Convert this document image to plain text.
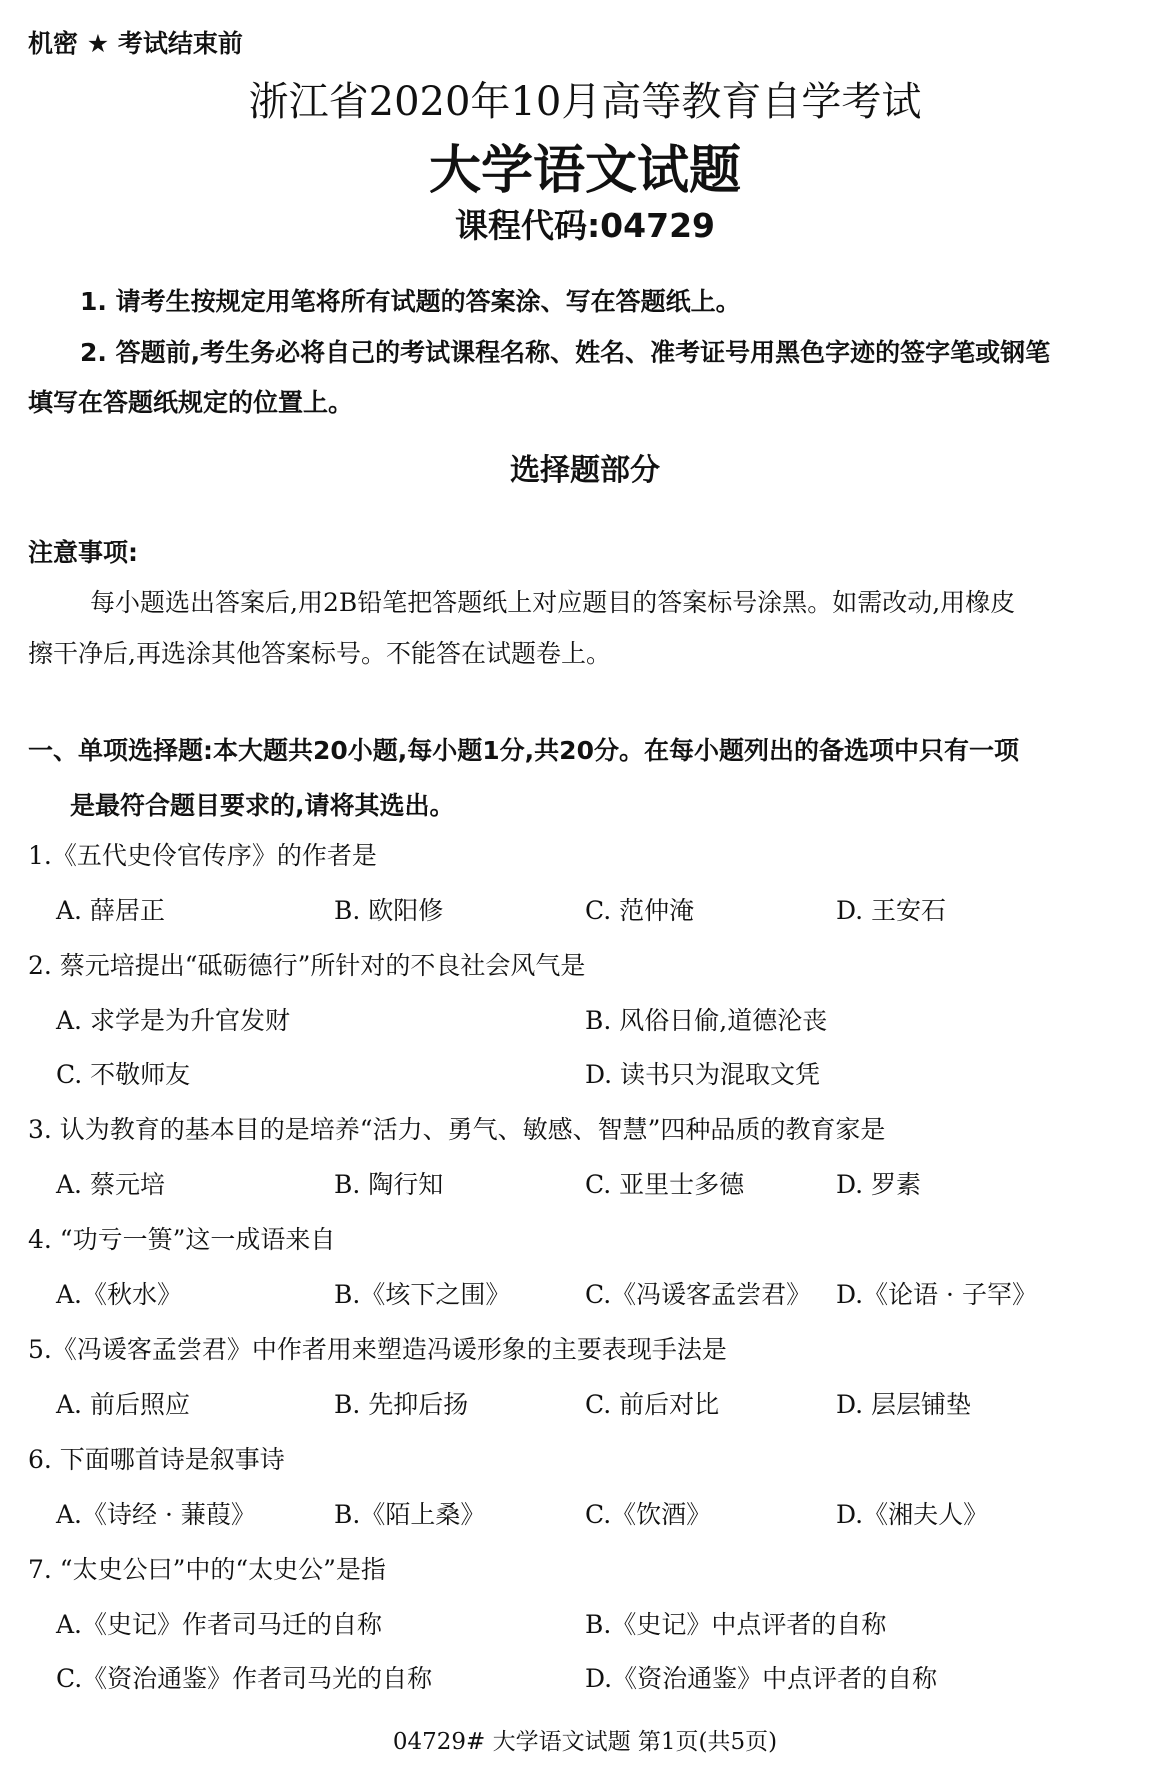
机密 ★ 考试结束前
浙江省2020年10月高等教育自学考试
大学语文试题
课程代码:04729
1. 请考生按规定用笔将所有试题的答案涂、写在答题纸上。
2. 答题前,考生务必将自己的考试课程名称、姓名、准考证号用黑色字迹的签字笔或钢笔
填写在答题纸规定的位置上。
选择题部分
注意事项:
每小题选出答案后,用2B铅笔把答题纸上对应题目的答案标号涂黑。如需改动,用橡皮
擦干净后,再选涂其他答案标号。不能答在试题卷上。
一、单项选择题:本大题共20小题,每小题1分,共20分。在每小题列出的备选项中只有一项
是最符合题目要求的,请将其选出。
1.《五代史伶官传序》的作者是
A. 薛居正	B. 欧阳修	C. 范仲淹	D. 王安石
2. 蔡元培提出“砥砺德行”所针对的不良社会风气是
A. 求学是为升官发财	B. 风俗日偷,道德沦丧
C. 不敬师友	D. 读书只为混取文凭
3. 认为教育的基本目的是培养“活力、勇气、敏感、智慧”四种品质的教育家是
A. 蔡元培	B. 陶行知	C. 亚里士多德	D. 罗素
4. “功亏一篑”这一成语来自
A.《秋水》	B.《垓下之围》	C.《冯谖客孟尝君》 D.《论语 · 子罕》
5.《冯谖客孟尝君》中作者用来塑造冯谖形象的主要表现手法是
A. 前后照应	B. 先抑后扬	C. 前后对比	D. 层层铺垫
6. 下面哪首诗是叙事诗
A.《诗经 · 蒹葭》	B.《陌上桑》	C.《饮酒》	D.《湘夫人》
7. “太史公曰”中的“太史公”是指
A.《史记》作者司马迁的自称	B.《史记》中点评者的自称
C.《资治通鉴》作者司马光的自称	D.《资治通鉴》中点评者的自称
04729# 大学语文试题 第1页(共5页)
